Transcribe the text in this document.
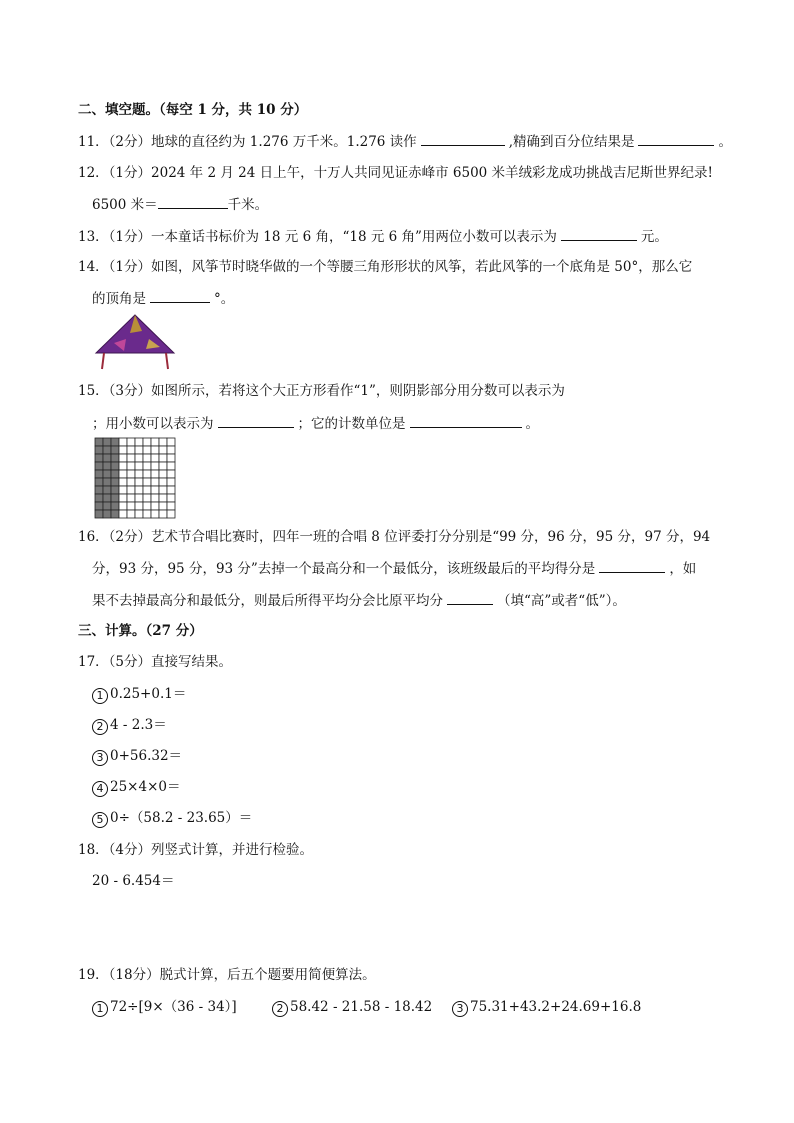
二、填空题。（每空 1 分，共 10 分）
11．（2分）地球的直径约为 1.276 万千米。1.276 读作	,精确到百分位结果是	。
12．（1分）2024 年 2 月 24 日上午，十万人共同见证赤峰市 6500 米羊绒彩龙成功挑战吉尼斯世界纪录!
6500 米＝	千米。
13．（1分）一本童话书标价为 18 元 6 角，“18 元 6 角”用两位小数可以表示为	元。
14．（1分）如图，风筝节时晓华做的一个等腰三角形形状的风筝，若此风筝的一个底角是 50°，那么它
的顶角是	°。
15．（3分）如图所示，若将这个大正方形看作“1”，则阴影部分用分数可以表示为
；用小数可以表示为	；它的计数单位是	。
16．（2分）艺术节合唱比赛时，四年一班的合唱 8 位评委打分分别是“99 分，96 分，95 分，97 分，94
分，93 分，95 分，93 分”去掉一个最高分和一个最低分，该班级最后的平均得分是	，如
果不去掉最高分和最低分，则最后所得平均分会比原平均分	（填“高”或者“低”）。
三、计算。（27 分）
17．（5分）直接写结果。
1 0.25+0.1＝
2 4 - 2.3＝
3 0+56.32＝
4 25×4×0＝
5 0÷（58.2 - 23.65）＝
18．（4分）列竖式计算，并进行检验。
20 - 6.454＝
19．（18分）脱式计算，后五个题要用简便算法。
1 72÷[9×（36 - 34）]	2 58.42 - 21.58 - 18.42	3 75.31+43.2+24.69+16.8
